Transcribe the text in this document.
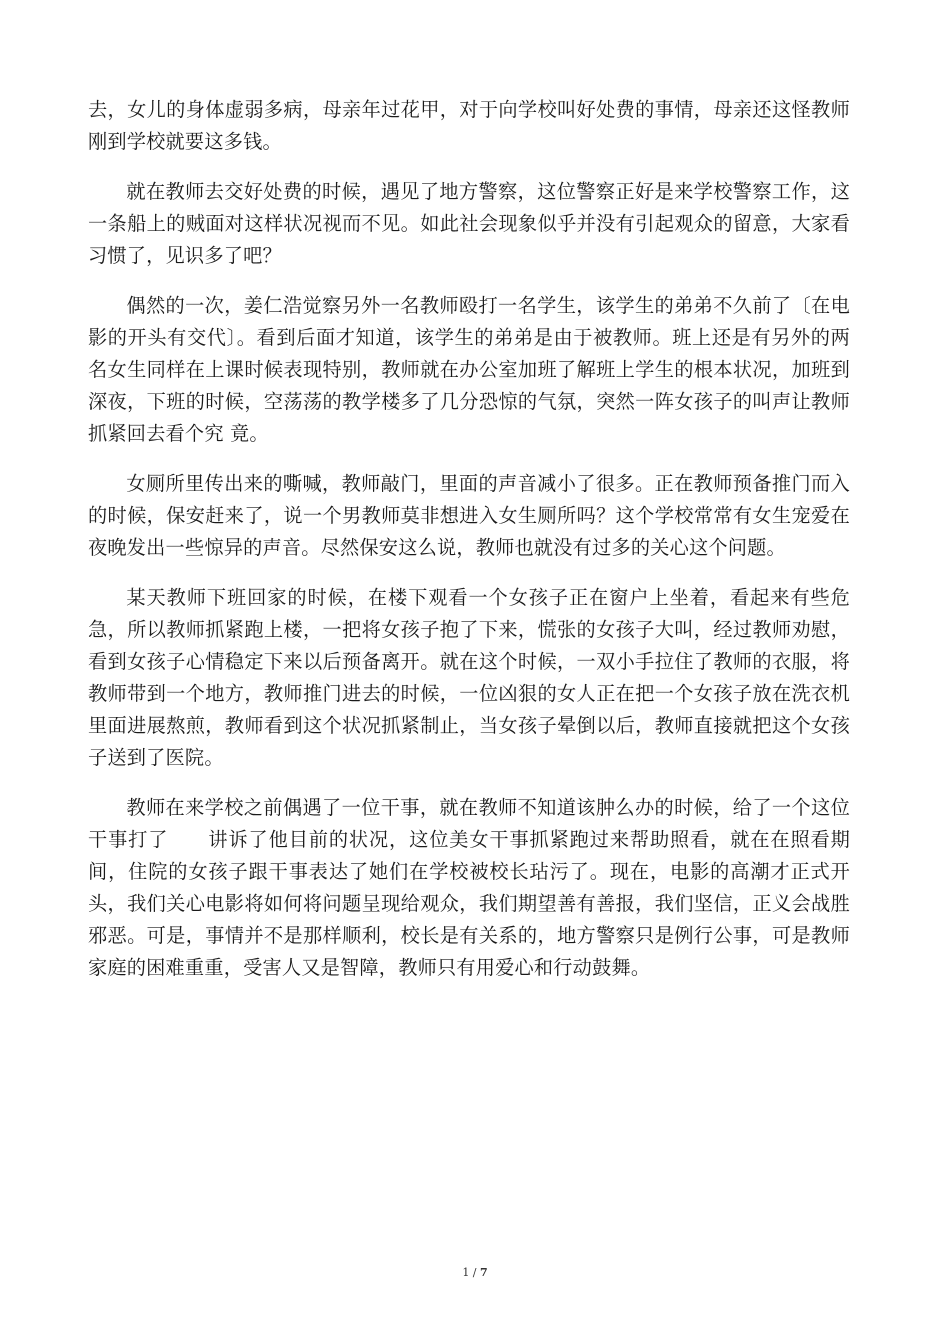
去，女儿的身体虚弱多病，母亲年过花甲，对于向学校叫好处费的事情，母亲还这怪教师刚到学校就要这多钱。

就在教师去交好处费的时候，遇见了地方警察，这位警察正好是来学校警察工作，这一条船上的贼面对这样状况视而不见。如此社会现象似乎并没有引起观众的留意，大家看习惯了，见识多了吧？

偶然的一次，姜仁浩觉察另外一名教师殴打一名学生，该学生的弟弟不久前了〔在电影的开头有交代〕。看到后面才知道，该学生的弟弟是由于被教师。班上还是有另外的两名女生同样在上课时候表现特别，教师就在办公室加班了解班上学生的根本状况，加班到深夜，下班的时候，空荡荡的教学楼多了几分恐惊的气氛，突然一阵女孩子的叫声让教师抓紧回去看个究 竟。

女厕所里传出来的嘶喊，教师敲门，里面的声音减小了很多。正在教师预备推门而入的时候，保安赶来了，说一个男教师莫非想进入女生厕所吗？这个学校常常有女生宠爱在夜晚发出一些惊异的声音。尽然保安这么说，教师也就没有过多的关心这个问题。

某天教师下班回家的时候，在楼下观看一个女孩子正在窗户上坐着，看起来有些危急，所以教师抓紧跑上楼，一把将女孩子抱了下来，慌张的女孩子大叫，经过教师劝慰，看到女孩子心情稳定下来以后预备离开。就在这个时候，一双小手拉住了教师的衣服，将教师带到一个地方，教师推门进去的时候，一位凶狠的女人正在把一个女孩子放在洗衣机里面进展熬煎，教师看到这个状况抓紧制止，当女孩子晕倒以后，教师直接就把这个女孩子送到了医院。

教师在来学校之前偶遇了一位干事，就在教师不知道该肿么办的时候，给了一个这位干事打了　　讲诉了他目前的状况，这位美女干事抓紧跑过来帮助照看，就在在照看期间，住院的女孩子跟干事表达了她们在学校被校长玷污了。现在，电影的高潮才正式开头，我们关心电影将如何将问题呈现给观众，我们期望善有善报，我们坚信，正义会战胜邪恶。可是，事情并不是那样顺利，校长是有关系的，地方警察只是例行公事，可是教师家庭的困难重重，受害人又是智障，教师只有用爱心和行动鼓舞。

1 / 7
